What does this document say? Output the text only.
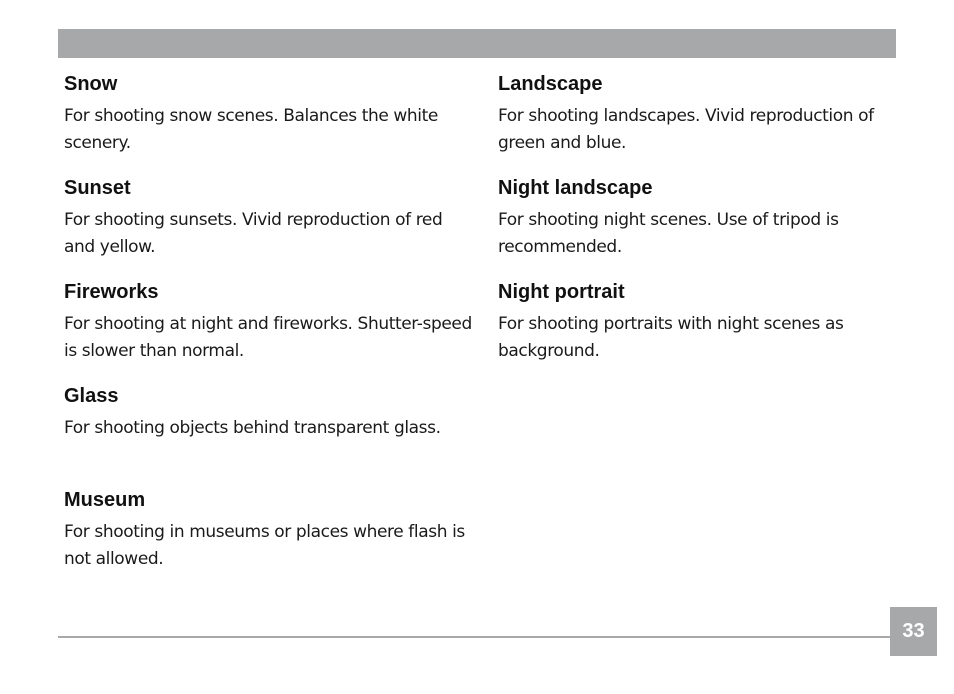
Snow

For shooting snow scenes. Balances the white scenery.

Sunset

For shooting sunsets. Vivid reproduction of red and yellow.

Fireworks

For shooting at night and fireworks. Shutter-speed is slower than normal.

Glass

For shooting objects behind transparent glass.

Museum

For shooting in museums or places where flash is not allowed.

Landscape

For shooting landscapes. Vivid reproduction of green and blue.

Night landscape

For shooting night scenes. Use of tripod is recommended.

Night portrait

For shooting portraits with night scenes as background.

33
